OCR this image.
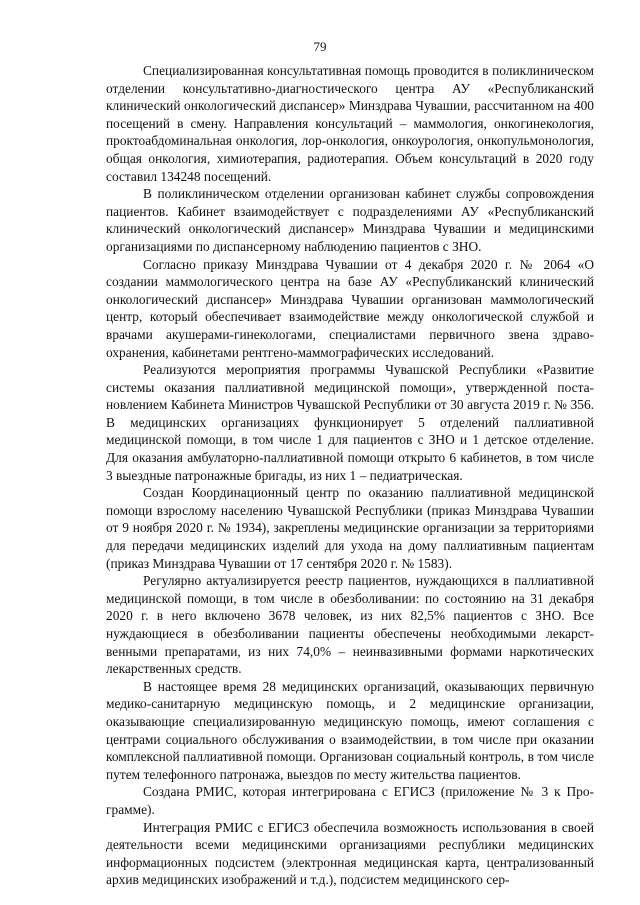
79

Специализированная консультативная помощь проводится в поликлиническом отделении консультативно-диагностического центра АУ «Республиканский клинический онкологический диспансер» Минздрава Чувашии, рассчитанном на 400 посещений в смену. Направления консультаций – маммология, онкогинекология, проктоабдоминальная онкология, лор-онкология, онкоурология, онкопульмонология, общая онкология, химиотерапия, радиотерапия. Объем консультаций в 2020 году составил 134248 посещений.

В поликлиническом отделении организован кабинет службы сопровождения пациентов. Кабинет взаимодействует с подразделениями АУ «Республиканский клинический онкологический диспансер» Минздрава Чувашии и медицинскими организациями по диспансерному наблюдению пациентов с ЗНО.

Согласно приказу Минздрава Чувашии от 4 декабря 2020 г. № 2064 «О создании маммологического центра на базе АУ «Республиканский клинический онкологический диспансер» Минздрава Чувашии организован маммологический центр, который обеспечивает взаимодействие между онкологической службой и врачами акушерами-гинекологами, специалистами первичного звена здравоохранения, кабинетами рентгено-маммографических исследований.

Реализуются мероприятия программы Чувашской Республики «Развитие системы оказания паллиативной медицинской помощи», утвержденной постановлением Кабинета Министров Чувашской Республики от 30 августа 2019 г. № 356. В медицинских организациях функционирует 5 отделений паллиативной медицинской помощи, в том числе 1 для пациентов с ЗНО и 1 детское отделение. Для оказания амбулаторно-паллиативной помощи открыто 6 кабинетов, в том числе 3 выездные патронажные бригады, из них 1 – педиатрическая.

Создан Координационный центр по оказанию паллиативной медицинской помощи взрослому населению Чувашской Республики (приказ Минздрава Чувашии от 9 ноября 2020 г. № 1934), закреплены медицинские организации за территориями для передачи медицинских изделий для ухода на дому паллиативным пациентам (приказ Минздрава Чувашии от 17 сентября 2020 г. № 1583).

Регулярно актуализируется реестр пациентов, нуждающихся в паллиативной медицинской помощи, в том числе в обезболивании: по состоянию на 31 декабря 2020 г. в него включено 3678 человек, из них 82,5% пациентов с ЗНО. Все нуждающиеся в обезболивании пациенты обеспечены необходимыми лекарственными препаратами, из них 74,0% – неинвазивными формами наркотических лекарственных средств.

В настоящее время 28 медицинских организаций, оказывающих первичную медико-санитарную медицинскую помощь, и 2 медицинские организации, оказывающие специализированную медицинскую помощь, имеют соглашения с центрами социального обслуживания о взаимодействии, в том числе при оказании комплексной паллиативной помощи. Организован социальный контроль, в том числе путем телефонного патронажа, выездов по месту жительства пациентов.

Создана РМИС, которая интегрирована с ЕГИСЗ (приложение № 3 к Программе).

Интеграция РМИС с ЕГИСЗ обеспечила возможность использования в своей деятельности всеми медицинскими организациями республики медицинских информационных подсистем (электронная медицинская карта, централизованный архив медицинских изображений и т.д.), подсистем медицинского сер-
